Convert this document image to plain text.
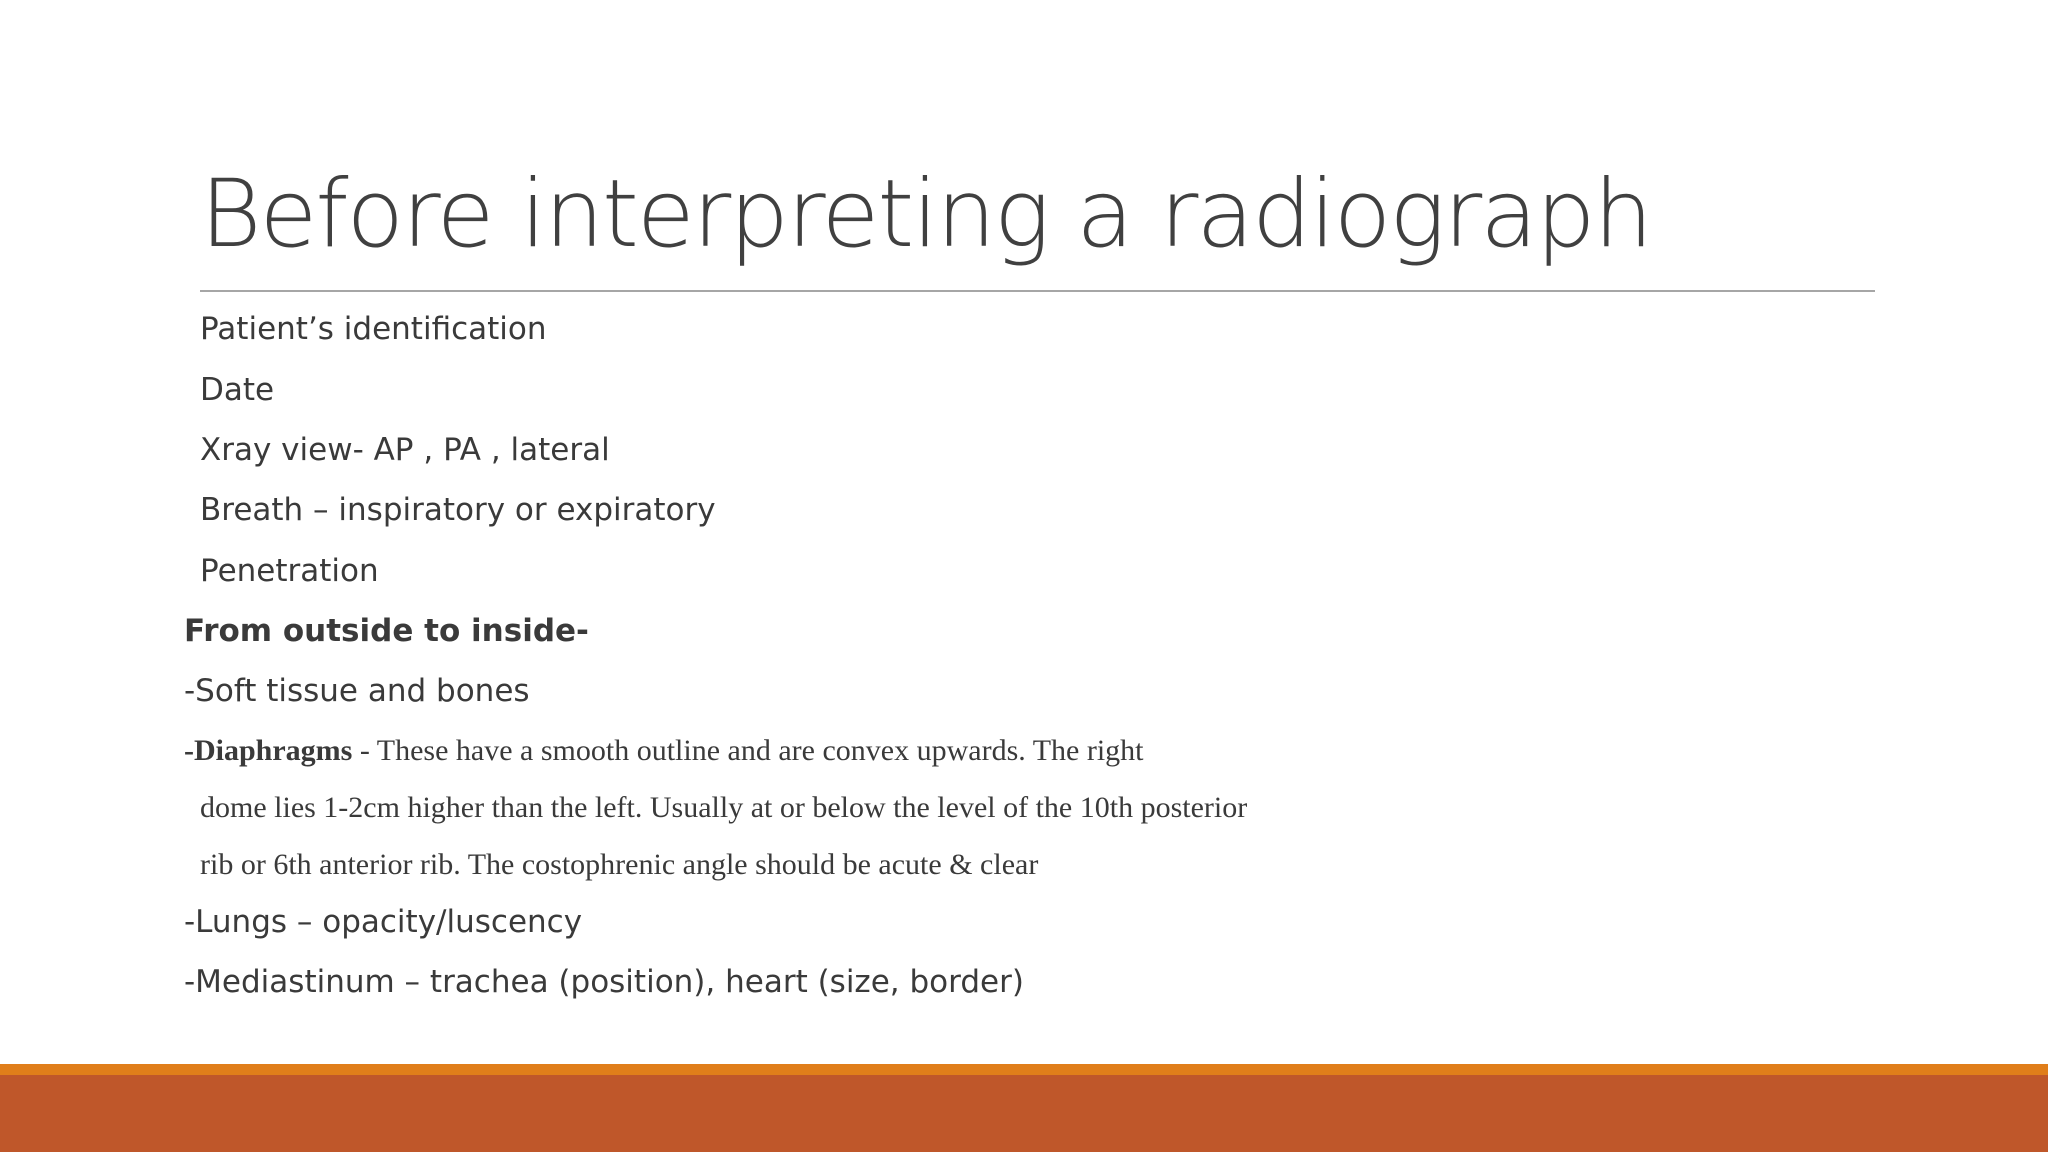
Before interpreting a radiograph
Patient’s identification
Date
Xray view- AP , PA , lateral
Breath – inspiratory or expiratory
Penetration
From outside to inside-
-Soft tissue and bones
-Diaphragms - These have a smooth outline and are convex upwards. The right
dome lies 1-2cm higher than the left. Usually at or below the level of the 10th posterior
rib or 6th anterior rib. The costophrenic angle should be acute & clear
-Lungs – opacity/luscency
-Mediastinum – trachea (position), heart (size, border)
